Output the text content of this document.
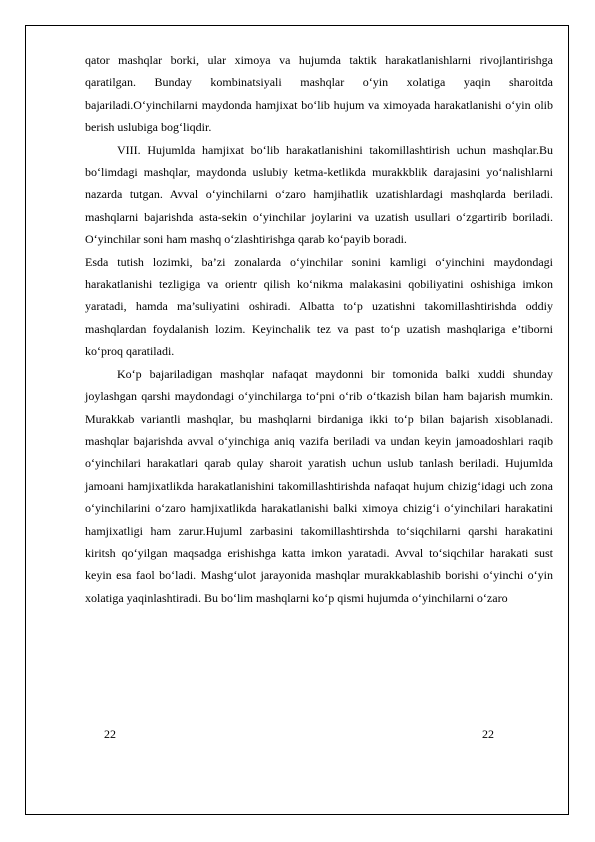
qator mashqlar borki, ular ximoya va hujumda taktik harakatlanishlarni rivojlantirishga qaratilgan. Bunday kombinatsiyali mashqlar o‘yin xolatiga yaqin sharoitda bajariladi.O‘yinchilarni maydonda hamjixat bo‘lib hujum va ximoyada harakatlanishi o‘yin olib berish uslubiga bog‘liqdir.

VIII. Hujumlda hamjixat bo‘lib harakatlanishini takomillashtirish uchun mashqlar.Bu bo‘limdagi mashqlar, maydonda uslubiy ketma-ketlikda murakkblik darajasini yo‘nalishlarni nazarda tutgan. Avval o‘yinchilarni o‘zaro hamjihatlik uzatishlardagi mashqlarda beriladi. mashqlarni bajarishda asta-sekin o‘yinchilar joylarini va uzatish usullari o‘zgartirib boriladi. O‘yinchilar soni ham mashq o‘zlashtirishga qarab ko‘payib boradi.

Esda tutish lozimki, ba’zi zonalarda o‘yinchilar sonini kamligi o‘yinchini maydondagi harakatlanishi tezligiga va orientr qilish ko‘nikma malakasini qobiliyatini oshishiga imkon yaratadi, hamda ma’suliyatini oshiradi. Albatta to‘p uzatishni takomillashtirishda oddiy mashqlardan foydalanish lozim. Keyinchalik tez va past to‘p uzatish mashqlariga e’tiborni ko‘proq qaratiladi.

Ko‘p bajariladigan mashqlar nafaqat maydonni bir tomonida balki xuddi shunday joylashgan qarshi maydondagi o‘yinchilarga to‘pni o‘rib o‘tkazish bilan ham bajarish mumkin. Murakkab variantli mashqlar, bu mashqlarni birdaniga ikki to‘p bilan bajarish xisoblanadi. mashqlar bajarishda avval o‘yinchiga aniq vazifa beriladi va undan keyin jamoadoshlari raqib o‘yinchilari harakatlari qarab qulay sharoit yaratish uchun uslub tanlash beriladi. Hujumlda jamoani hamjixatlikda harakatlanishini takomillashtirishda nafaqat hujum chizig‘idagi uch zona o‘yinchilarini o‘zaro hamjixatlikda harakatlanishi balki ximoya chizig‘i o‘yinchilari harakatini hamjixatligi ham zarur.Hujuml zarbasini takomillashtirshda to‘siqchilarni qarshi harakatini kiritsh qo‘yilgan maqsadga erishishga katta imkon yaratadi. Avval to‘siqchilar harakati sust keyin esa faol bo‘ladi. Mashg‘ulot jarayonida mashqlar murakkablashib borishi o‘yinchi o‘yin xolatiga yaqinlashtiradi. Bu bo‘lim mashqlarni ko‘p qismi hujumda o‘yinchilarni o‘zaro

22	22
